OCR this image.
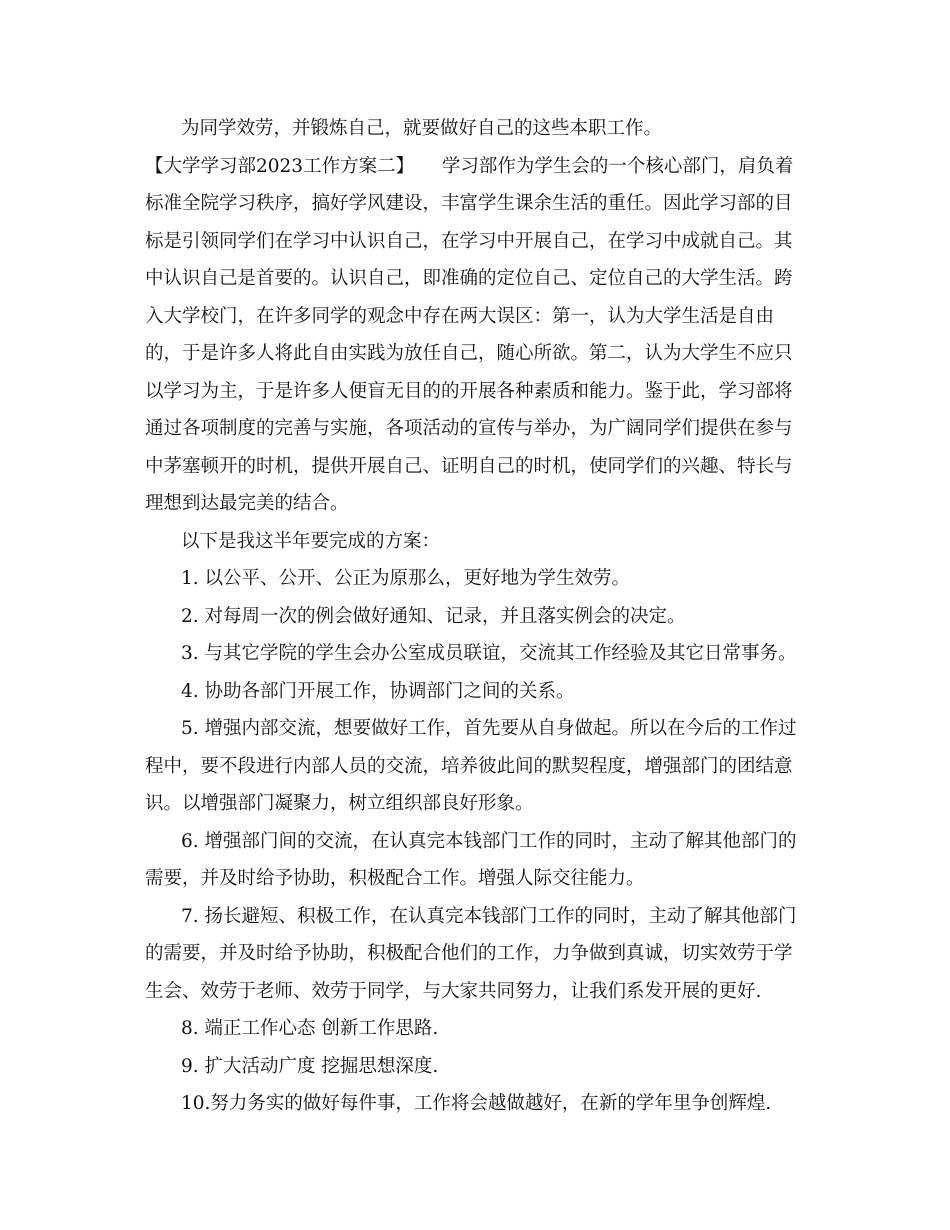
为同学效劳，并锻炼自己，就要做好自己的这些本职工作。
【大学学习部2023工作方案二】　　学习部作为学生会的一个核心部门，肩负着
标准全院学习秩序，搞好学风建设，丰富学生课余生活的重任。因此学习部的目
标是引领同学们在学习中认识自己，在学习中开展自己，在学习中成就自己。其
中认识自己是首要的。认识自己，即准确的定位自己、定位自己的大学生活。跨
入大学校门，在许多同学的观念中存在两大误区：第一，认为大学生活是自由
的，于是许多人将此自由实践为放任自己，随心所欲。第二，认为大学生不应只
以学习为主，于是许多人便盲无目的的开展各种素质和能力。鉴于此，学习部将
通过各项制度的完善与实施，各项活动的宣传与举办，为广阔同学们提供在参与
中茅塞顿开的时机，提供开展自己、证明自己的时机，使同学们的兴趣、特长与
理想到达最完美的结合。
以下是我这半年要完成的方案：
1. 以公平、公开、公正为原那么，更好地为学生效劳。
2. 对每周一次的例会做好通知、记录，并且落实例会的决定。
3. 与其它学院的学生会办公室成员联谊，交流其工作经验及其它日常事务。
4. 协助各部门开展工作，协调部门之间的关系。
5. 增强内部交流，想要做好工作，首先要从自身做起。所以在今后的工作过
程中，要不段进行内部人员的交流，培养彼此间的默契程度，增强部门的团结意
识。以增强部门凝聚力，树立组织部良好形象。
6. 增强部门间的交流，在认真完本钱部门工作的同时，主动了解其他部门的
需要，并及时给予协助，积极配合工作。增强人际交往能力。
7. 扬长避短、积极工作，在认真完本钱部门工作的同时，主动了解其他部门
的需要，并及时给予协助，积极配合他们的工作，力争做到真诚，切实效劳于学
生会、效劳于老师、效劳于同学，与大家共同努力，让我们系发开展的更好.
8. 端正工作心态 创新工作思路.
9. 扩大活动广度 挖掘思想深度.
10.努力务实的做好每件事，工作将会越做越好，在新的学年里争创辉煌.
